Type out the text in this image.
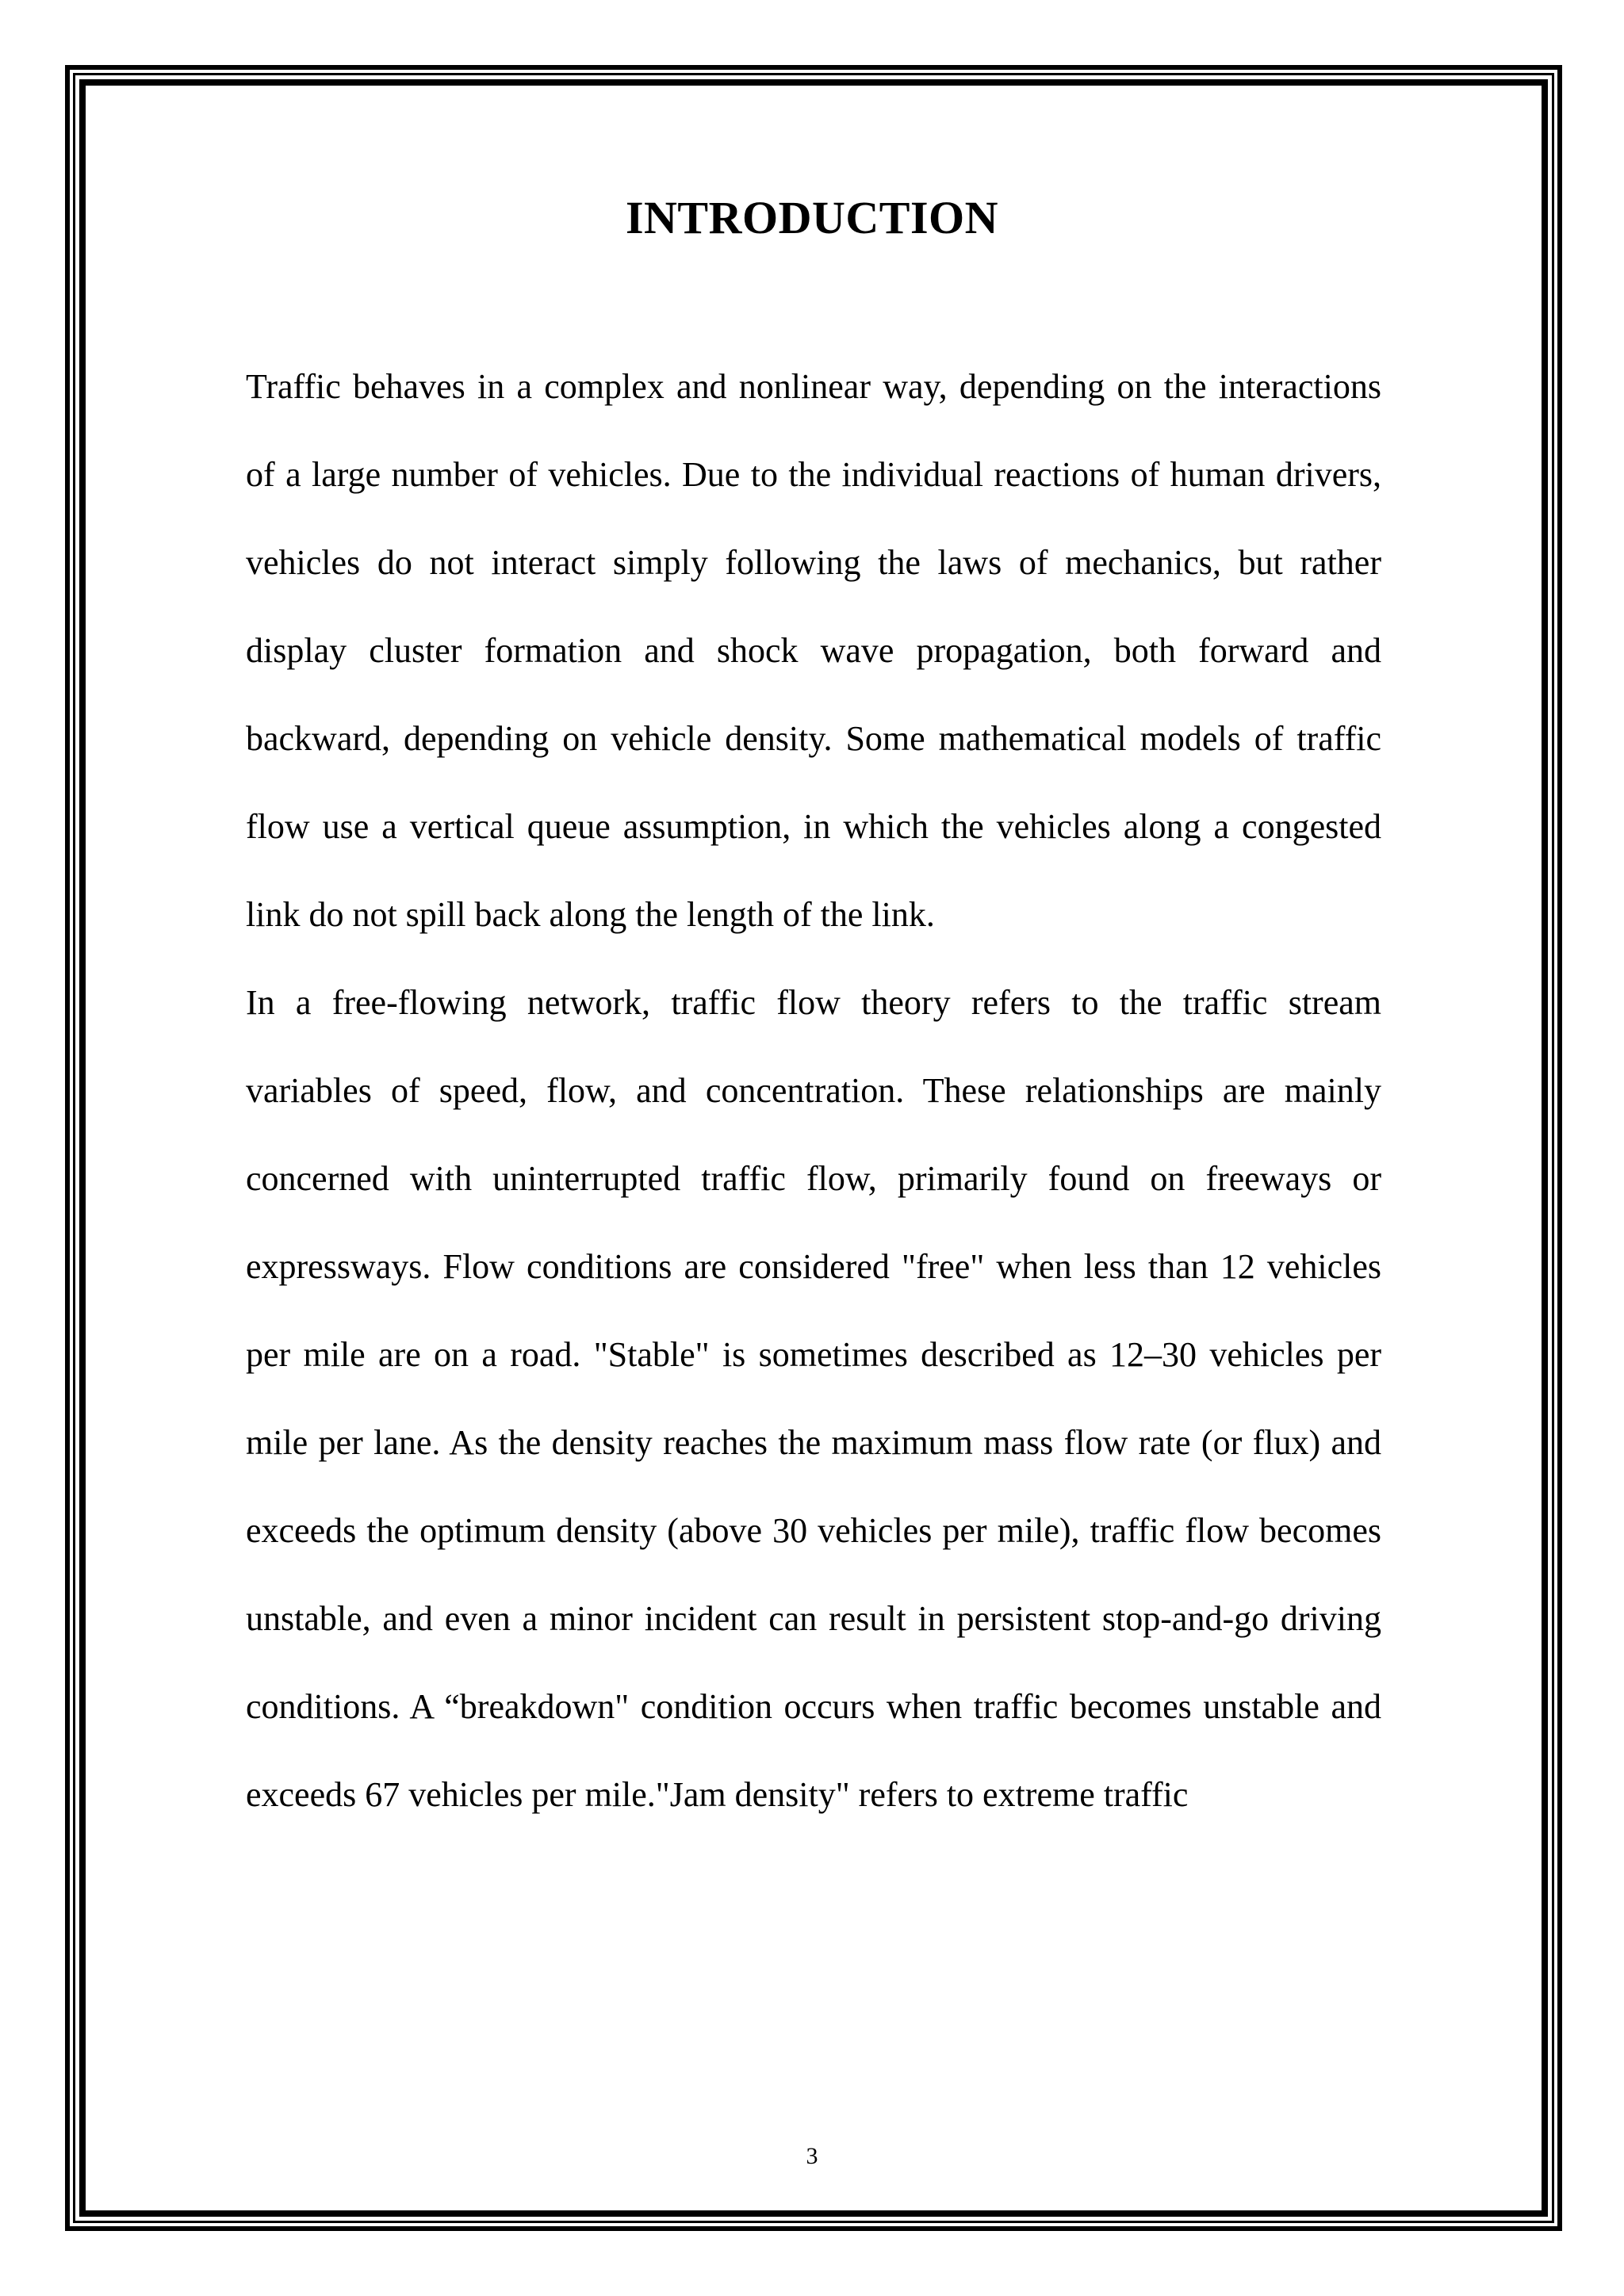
INTRODUCTION

Traffic behaves in a complex and nonlinear way, depending on the interactions of a large number of vehicles. Due to the individual reactions of human drivers, vehicles do not interact simply following the laws of mechanics, but rather display cluster formation and shock wave propagation, both forward and backward, depending on vehicle density. Some mathematical models of traffic flow use a vertical queue assumption, in which the vehicles along a congested link do not spill back along the length of the link.

In a free-flowing network, traffic flow theory refers to the traffic stream variables of speed, flow, and concentration. These relationships are mainly concerned with uninterrupted traffic flow, primarily found on freeways or expressways. Flow conditions are considered "free" when less than 12 vehicles per mile are on a road. "Stable" is sometimes described as 12–30 vehicles per mile per lane. As the density reaches the maximum mass flow rate (or flux) and exceeds the optimum density (above 30 vehicles per mile), traffic flow becomes unstable, and even a minor incident can result in persistent stop-and-go driving conditions. A “breakdown" condition occurs when traffic becomes unstable and exceeds 67 vehicles per mile."Jam density" refers to extreme traffic

3
